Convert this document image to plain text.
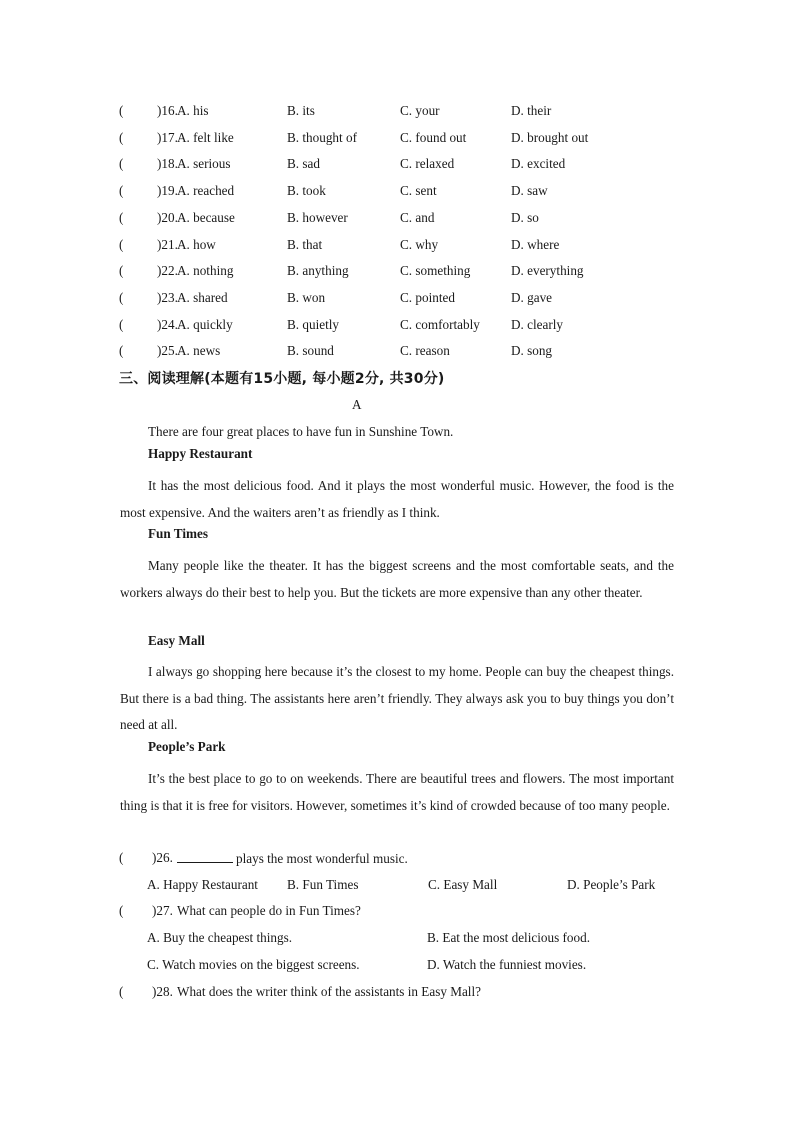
(	)16. A. his	B. its	C. your	D. their
(	)17. A. felt like	B. thought of	C. found out	D. brought out
(	)18. A. serious	B. sad	C. relaxed	D. excited
(	)19. A. reached	B. took	C. sent	D. saw
(	)20. A. because	B. however	C. and	D. so
(	)21. A. how	B. that	C. why	D. where
(	)22. A. nothing	B. anything	C. something	D. everything
(	)23. A. shared	B. won	C. pointed	D. gave
(	)24. A. quickly	B. quietly	C. comfortably D. clearly
(	)25. A. news	B. sound	C. reason	D. song
三、阅读理解(本题有15小题, 每小题2分, 共30分)
A
There are four great places to have fun in Sunshine Town.
Happy Restaurant
It has the most delicious food. And it plays the most wonderful music. However, the food is the most expensive. And the waiters aren’t as friendly as I think.
Fun Times
Many people like the theater. It has the biggest screens and the most comfortable seats, and the workers always do their best to help you. But the tickets are more expensive than any other theater.
Easy Mall
I always go shopping here because it’s the closest to my home. People can buy the cheapest things. But there is a bad thing. The assistants here aren’t friendly. They always ask you to buy things you don’t need at all.
People’s Park
It’s the best place to go to on weekends. There are beautiful trees and flowers. The most important thing is that it is free for visitors. However, sometimes it’s kind of crowded because of too many people.
( )26.	plays the most wonderful music.
A. Happy Restaurant B. Fun Times	C. Easy Mall	D. People’s Park
( )27. What can people do in Fun Times?
A. Buy the cheapest things.	B. Eat the most delicious food.
C. Watch movies on the biggest screens.	D. Watch the funniest movies.
( )28. What does the writer think of the assistants in Easy Mall?
